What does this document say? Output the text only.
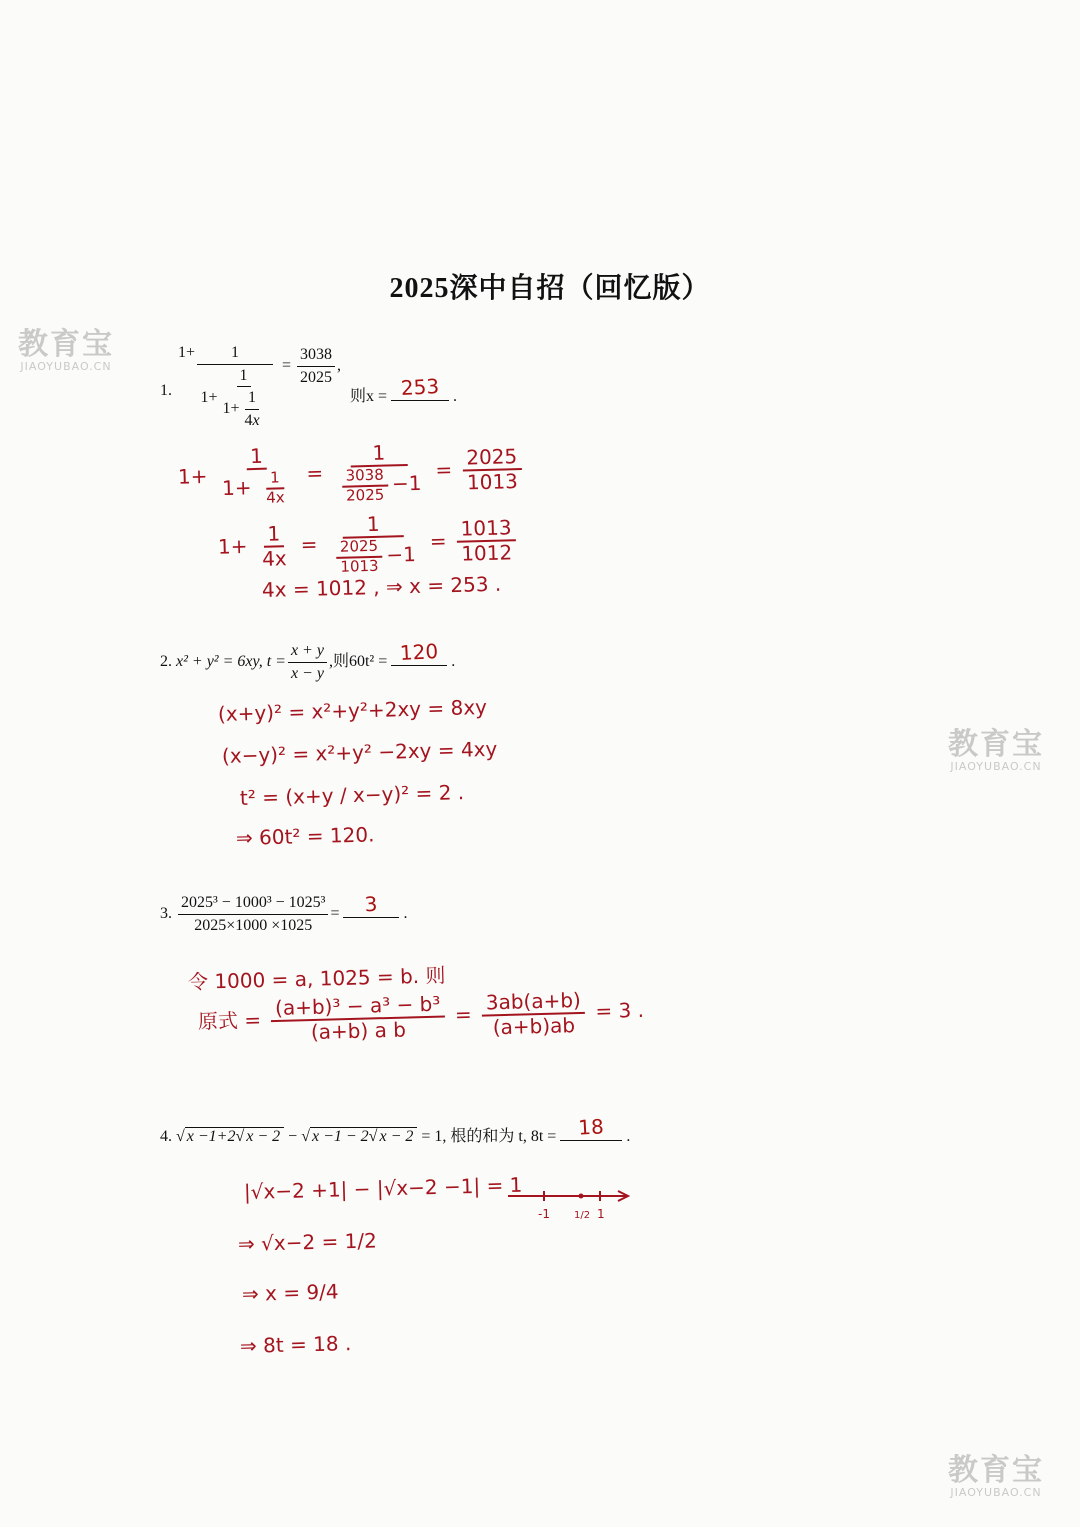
教育宝
JIAOYUBAO.CN
教育宝
JIAOYUBAO.CN
教育宝
JIAOYUBAO.CN
2025深中自招（回忆版）
1.
$1+ \frac{1}{1+ \frac{1}{1+ \frac{1}{4x}}} = \frac{3038}{2025}$ ,
则x = 253 .
$1+ \frac{1}{1+ \frac{1}{4x}} = \frac{1}{\frac{3038}{2025} -1} = \frac{2025}{1013}$
$1+ \frac{1}{4x} = \frac{1}{\frac{2025}{1013} -1} = \frac{1013}{1012}$
4x = 1012 , ⇒ x = 253 .
2. x² + y² = 6xy, $t = \frac{x + y}{x - y}$ ,则60t² = 120 .
(x+y)² = x²+y²+2xy = 8xy
(x−y)² = x²+y² −2xy = 4xy
t² = (x+y / x−y)² = 2 .
⇒ 60t² = 120.
3. $\frac{\text{2025³ − 1000³ − 1025³}}{2025\times 1000 \times 1025}$ =	3	.
令 1000 = a, 1025 = b. 则
原式 = $\frac{\text{(a+b)³ − a³ − b³}}{\text{(a+b) a b}} = \frac{3ab(a+b)}{(a+b)ab} = 3$ .
4. √ x −1+2√ x − 2 − √ x −1 − 2√ x − 2 = 1, 根的和为 t, 8t =	18	.
|√x−2 +1| − |√x−2 −1| = 1
⇒ √x−2 = 1/2
⇒ x = 9/4
⇒ 8t = 18 .
-1 1/2 1
